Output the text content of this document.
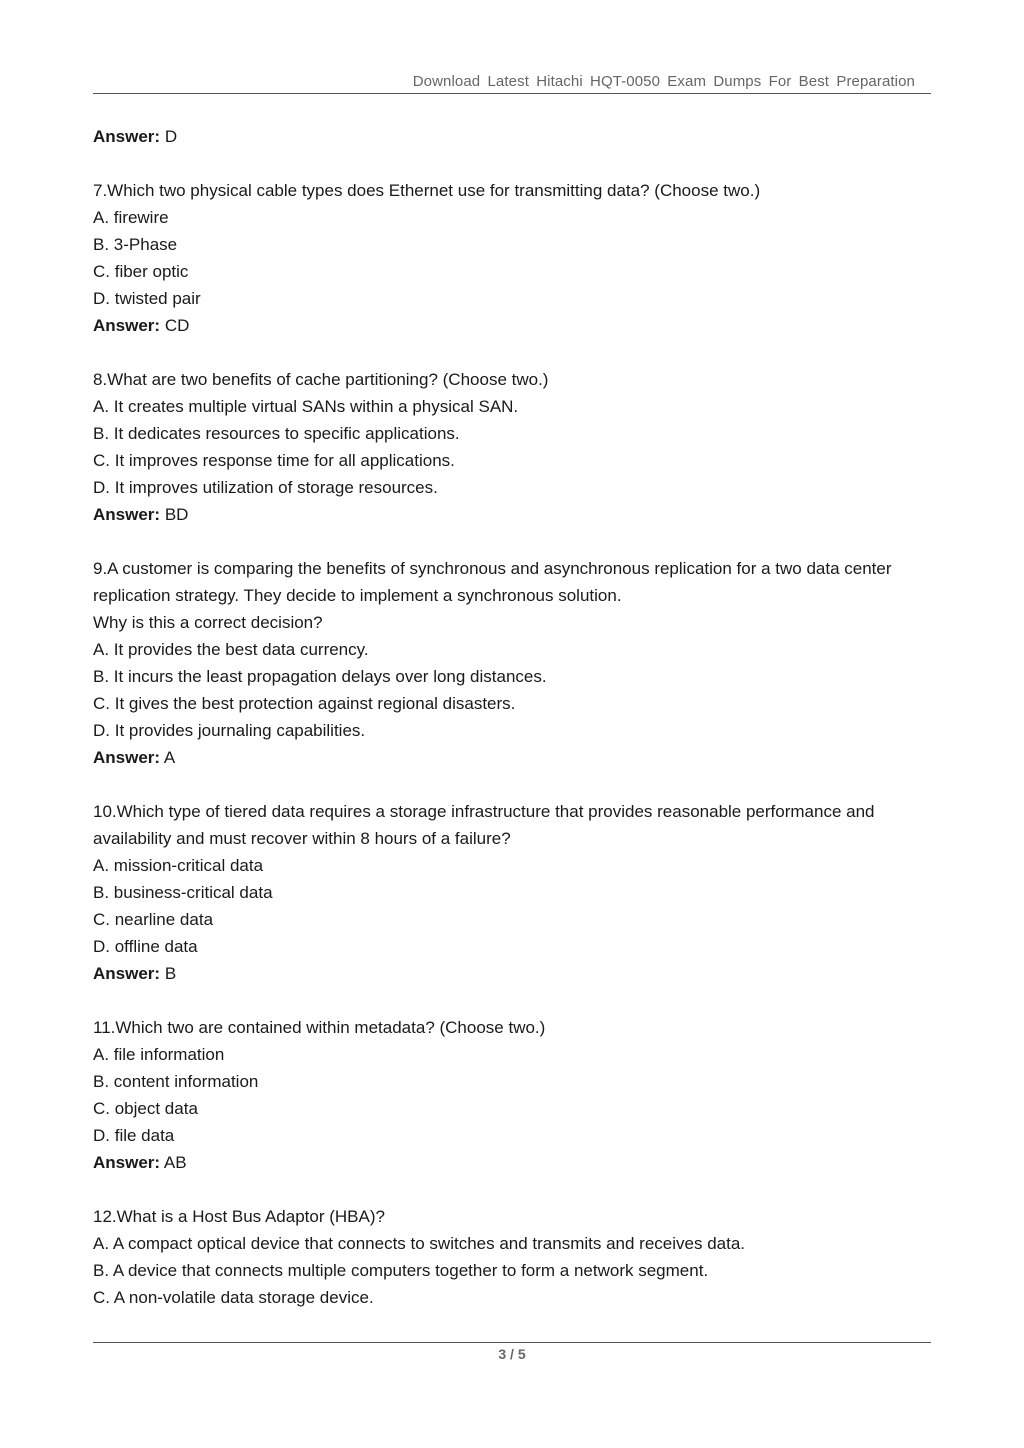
Download Latest Hitachi HQT-0050 Exam Dumps For Best Preparation
Answer: D
7.Which two physical cable types does Ethernet use for transmitting data? (Choose two.)
A. firewire
B. 3-Phase
C. fiber optic
D. twisted pair
Answer: CD
8.What are two benefits of cache partitioning? (Choose two.)
A. It creates multiple virtual SANs within a physical SAN.
B. It dedicates resources to specific applications.
C. It improves response time for all applications.
D. It improves utilization of storage resources.
Answer: BD
9.A customer is comparing the benefits of synchronous and asynchronous replication for a two data center replication strategy. They decide to implement a synchronous solution.
Why is this a correct decision?
A. It provides the best data currency.
B. It incurs the least propagation delays over long distances.
C. It gives the best protection against regional disasters.
D. It provides journaling capabilities.
Answer: A
10.Which type of tiered data requires a storage infrastructure that provides reasonable performance and availability and must recover within 8 hours of a failure?
A. mission-critical data
B. business-critical data
C. nearline data
D. offline data
Answer: B
11.Which two are contained within metadata? (Choose two.)
A. file information
B. content information
C. object data
D. file data
Answer: AB
12.What is a Host Bus Adaptor (HBA)?
A. A compact optical device that connects to switches and transmits and receives data.
B. A device that connects multiple computers together to form a network segment.
C. A non-volatile data storage device.
3 / 5
